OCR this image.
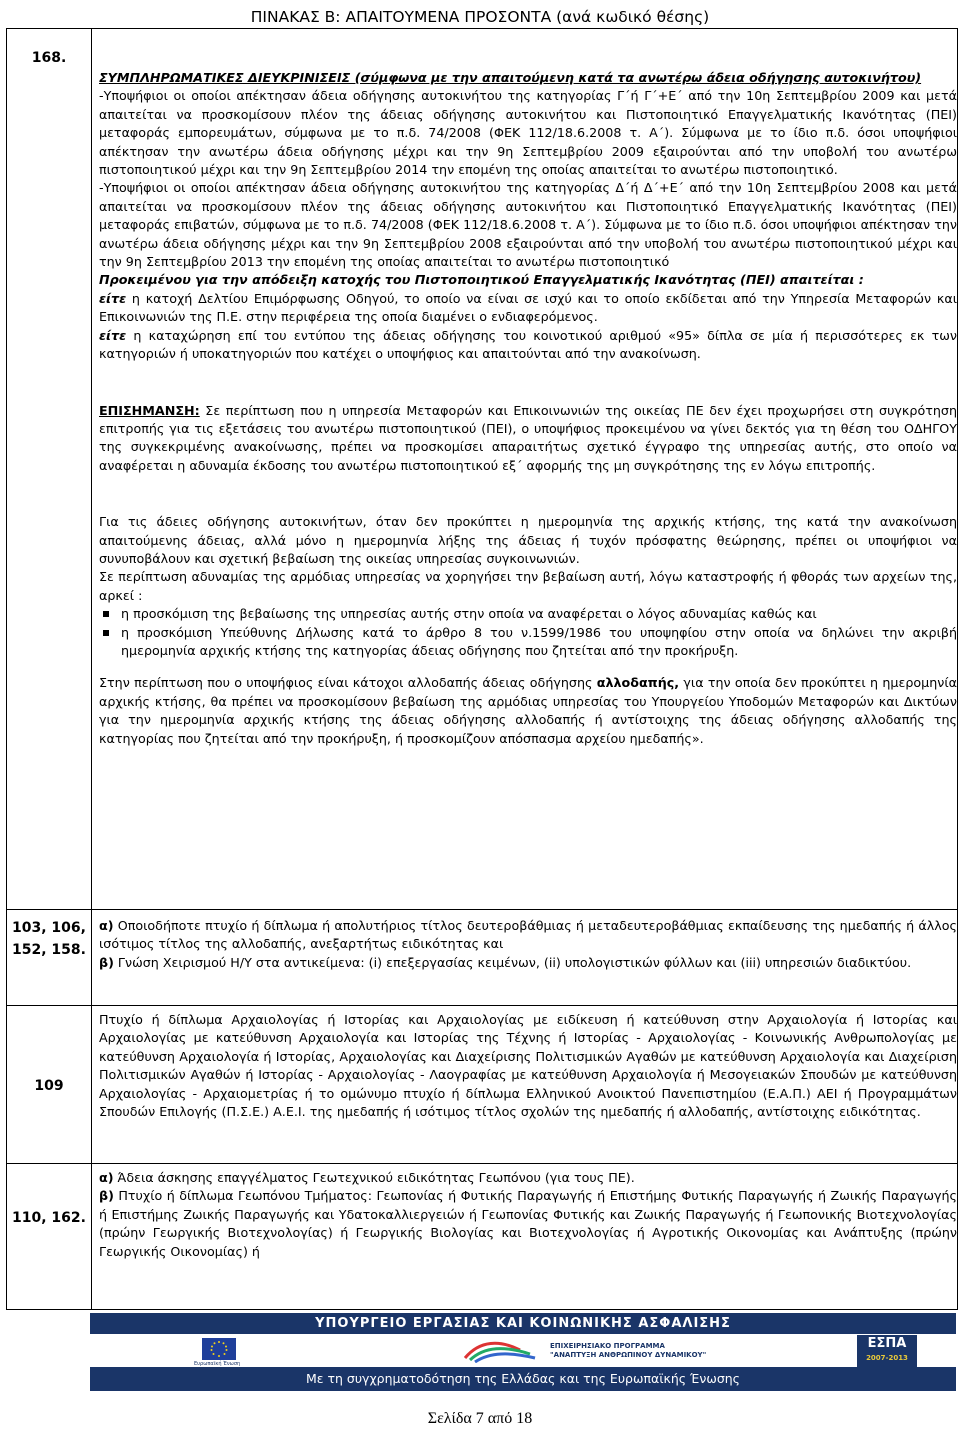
ΠΙΝΑΚΑΣ Β: ΑΠΑΙΤΟΥΜΕΝΑ ΠΡΟΣΟΝΤΑ (ανά κωδικό θέσης)
168.

ΣΥΜΠΛΗΡΩΜΑΤΙΚΕΣ ΔΙΕΥΚΡΙΝΙΣΕΙΣ (σύμφωνα με την απαιτούμενη κατά τα ανωτέρω άδεια οδήγησης αυτοκινήτου)

-Υποψήφιοι οι οποίοι απέκτησαν άδεια οδήγησης αυτοκινήτου της κατηγορίας Γ΄ή Γ΄+Ε΄ από την 10η Σεπτεμβρίου 2009 και μετά απαιτείται να προσκομίσουν πλέον της άδειας οδήγησης αυτοκινήτου και Πιστοποιητικό Επαγγελματικής Ικανότητας (ΠΕΙ) μεταφοράς εμπορευμάτων, σύμφωνα με το π.δ. 74/2008 (ΦΕΚ 112/18.6.2008 τ. Α΄). Σύμφωνα με το ίδιο π.δ. όσοι υποψήφιοι απέκτησαν την ανωτέρω άδεια οδήγησης μέχρι και την 9η Σεπτεμβρίου 2009 εξαιρούνται από την υποβολή του ανωτέρω πιστοποιητικού μέχρι και την 9η Σεπτεμβρίου 2014 την επομένη της οποίας απαιτείται το ανωτέρω πιστοποιητικό.

-Υποψήφιοι οι οποίοι απέκτησαν άδεια οδήγησης αυτοκινήτου της κατηγορίας Δ΄ή Δ΄+Ε΄ από την 10η Σεπτεμβρίου 2008 και μετά απαιτείται να προσκομίσουν πλέον της άδειας οδήγησης αυτοκινήτου και Πιστοποιητικό Επαγγελματικής Ικανότητας (ΠΕΙ) μεταφοράς επιβατών, σύμφωνα με το π.δ. 74/2008 (ΦΕΚ 112/18.6.2008 τ. Α΄). Σύμφωνα με το ίδιο π.δ. όσοι υποψήφιοι απέκτησαν την ανωτέρω άδεια οδήγησης μέχρι και την 9η Σεπτεμβρίου 2008 εξαιρούνται από την υποβολή του ανωτέρω πιστοποιητικού μέχρι και την 9η Σεπτεμβρίου 2013 την επομένη της οποίας απαιτείται το ανωτέρω πιστοποιητικό

Προκειμένου για την απόδειξη κατοχής του Πιστοποιητικού Επαγγελματικής Ικανότητας (ΠΕΙ) απαιτείται :

είτε η κατοχή Δελτίου Επιμόρφωσης Οδηγού, το οποίο να είναι σε ισχύ και το οποίο εκδίδεται από την Υπηρεσία Μεταφορών και Επικοινωνιών της Π.Ε. στην περιφέρεια της οποία διαμένει ο ενδιαφερόμενος.

είτε η καταχώρηση επί του εντύπου της άδειας οδήγησης του κοινοτικού αριθμού «95» δίπλα σε μία ή περισσότερες εκ των κατηγοριών ή υποκατηγοριών που κατέχει ο υποψήφιος και απαιτούνται από την ανακοίνωση.

ΕΠΙΣΗΜΑΝΣΗ: Σε περίπτωση που η υπηρεσία Μεταφορών και Επικοινωνιών της οικείας ΠΕ δεν έχει προχωρήσει στη συγκρότηση επιτροπής για τις εξετάσεις του ανωτέρω πιστοποιητικού (ΠΕΙ), ο υποψήφιος προκειμένου να γίνει δεκτός για τη θέση του ΟΔΗΓΟΥ της συγκεκριμένης ανακοίνωσης, πρέπει να προσκομίσει απαραιτήτως σχετικό έγγραφο της υπηρεσίας αυτής, στο οποίο να αναφέρεται η αδυναμία έκδοσης του ανωτέρω πιστοποιητικού εξ΄ αφορμής της μη συγκρότησης της εν λόγω επιτροπής.

Για τις άδειες οδήγησης αυτοκινήτων, όταν δεν προκύπτει η ημερομηνία της αρχικής κτήσης, της κατά την ανακοίνωση απαιτούμενης άδειας, αλλά μόνο η ημερομηνία λήξης της άδειας ή τυχόν πρόσφατης θεώρησης, πρέπει οι υποψήφιοι να συνυποβάλουν και σχετική βεβαίωση της οικείας υπηρεσίας συγκοινωνιών.

Σε περίπτωση αδυναμίας της αρμόδιας υπηρεσίας να χορηγήσει την βεβαίωση αυτή, λόγω καταστροφής ή φθοράς των αρχείων της, αρκεί :

η προσκόμιση της βεβαίωσης της υπηρεσίας αυτής στην οποία να αναφέρεται ο λόγος αδυναμίας καθώς και
η προσκόμιση Υπεύθυνης Δήλωσης κατά το άρθρο 8 του ν.1599/1986 του υποψηφίου στην οποία να δηλώνει την ακριβή ημερομηνία αρχικής κτήσης της κατηγορίας άδειας οδήγησης που ζητείται από την προκήρυξη.

Στην περίπτωση που ο υποψήφιος είναι κάτοχοι αλλοδαπής άδειας οδήγησης αλλοδαπής, για την οποία δεν προκύπτει η ημερομηνία αρχικής κτήσης, θα πρέπει να προσκομίσουν βεβαίωση της αρμόδιας υπηρεσίας του Υπουργείου Υποδομών Μεταφορών και Δικτύων για την ημερομηνία αρχικής κτήσης της άδειας οδήγησης αλλοδαπής ή αντίστοιχης της άδειας οδήγησης αλλοδαπής της κατηγορίας που ζητείται από την προκήρυξη, ή προσκομίζουν απόσπασμα αρχείου ημεδαπής».

103, 106, 152, 158.

α) Οποιοδήποτε πτυχίο ή δίπλωμα ή απολυτήριος τίτλος δευτεροβάθμιας ή μεταδευτεροβάθμιας εκπαίδευσης της ημεδαπής ή άλλος ισότιμος τίτλος της αλλοδαπής, ανεξαρτήτως ειδικότητας και

β) Γνώση Χειρισμού Η/Υ στα αντικείμενα: (i) επεξεργασίας κειμένων, (ii) υπολογιστικών φύλλων και (iii) υπηρεσιών διαδικτύου.

109
Πτυχίο ή δίπλωμα Αρχαιολογίας ή Ιστορίας και Αρχαιολογίας με ειδίκευση ή κατεύθυνση στην Αρχαιολογία ή Ιστορίας και Αρχαιολογίας με κατεύθυνση Αρχαιολογία και Ιστορίας της Τέχνης ή Ιστορίας - Αρχαιολογίας - Κοινωνικής Ανθρωπολογίας με κατεύθυνση Αρχαιολογία ή Ιστορίας, Αρχαιολογίας και Διαχείρισης Πολιτισμικών Αγαθών με κατεύθυνση Αρχαιολογία και Διαχείριση Πολιτισμικών Αγαθών ή Ιστορίας - Αρχαιολογίας - Λαογραφίας με κατεύθυνση Αρχαιολογία ή Μεσογειακών Σπουδών με κατεύθυνση Αρχαιολογίας - Αρχαιομετρίας ή το ομώνυμο πτυχίο ή δίπλωμα Ελληνικού Ανοικτού Πανεπιστημίου (Ε.Α.Π.) ΑΕΙ ή Προγραμμάτων Σπουδών Επιλογής (Π.Σ.Ε.) Α.Ε.Ι. της ημεδαπής ή ισότιμος τίτλος σχολών της ημεδαπής ή αλλοδαπής, αντίστοιχης ειδικότητας.
110, 162.

α) Άδεια άσκησης επαγγέλματος Γεωτεχνικού ειδικότητας Γεωπόνου (για τους ΠΕ).

β) Πτυχίο ή δίπλωμα Γεωπόνου Τμήματος: Γεωπονίας ή Φυτικής Παραγωγής ή Επιστήμης Φυτικής Παραγωγής ή Ζωικής Παραγωγής ή Επιστήμης Ζωικής Παραγωγής και Υδατοκαλλιεργειών ή Γεωπονίας Φυτικής και Ζωικής Παραγωγής ή Γεωπονικής Βιοτεχνολογίας (πρώην Γεωργικής Βιοτεχνολογίας) ή Γεωργικής Βιολογίας και Βιοτεχνολογίας ή Αγροτικής Οικονομίας και Ανάπτυξης (πρώην Γεωργικής Οικονομίας) ή

ΥΠΟΥΡΓΕΙΟ ΕΡΓΑΣΙΑΣ ΚΑΙ ΚΟΙΝΩΝΙΚΗΣ ΑΣΦΑΛΙΣΗΣ
Ευρωπαϊκή Ένωση
ΕΠΙΧΕΙΡΗΣΙΑΚΟ ΠΡΟΓΡΑΜΜΑ
"ΑΝΑΠΤΥΞΗ ΑΝΘΡΩΠΙΝΟΥ ΔΥΝΑΜΙΚΟΥ"
ΕΣΠΑ
2007-2013
Με τη συγχρηματοδότηση της Ελλάδας και της Ευρωπαϊκής Ένωσης
Σελίδα 7 από 18
